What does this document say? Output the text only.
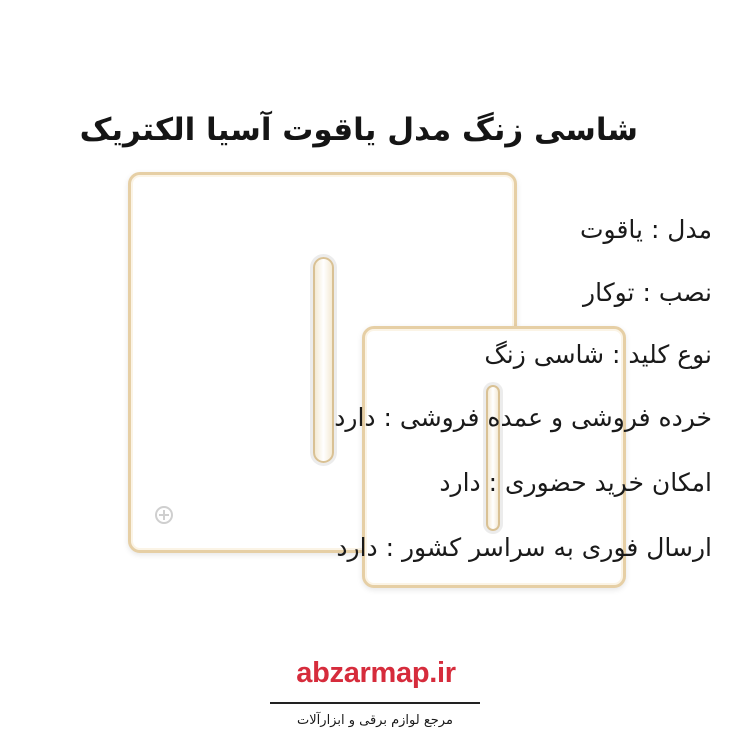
شاسی زنگ مدل یاقوت آسیا الکتریک
مدل : یاقوت
نصب : توکار
نوع کلید : شاسی زنگ
خرده فروشی و عمده فروشی : دارد
امکان خرید حضوری : دارد
ارسال فوری به سراسر کشور : دارد
abzarmap.ir
مرجع لوازم برقی و ابزارآلات
